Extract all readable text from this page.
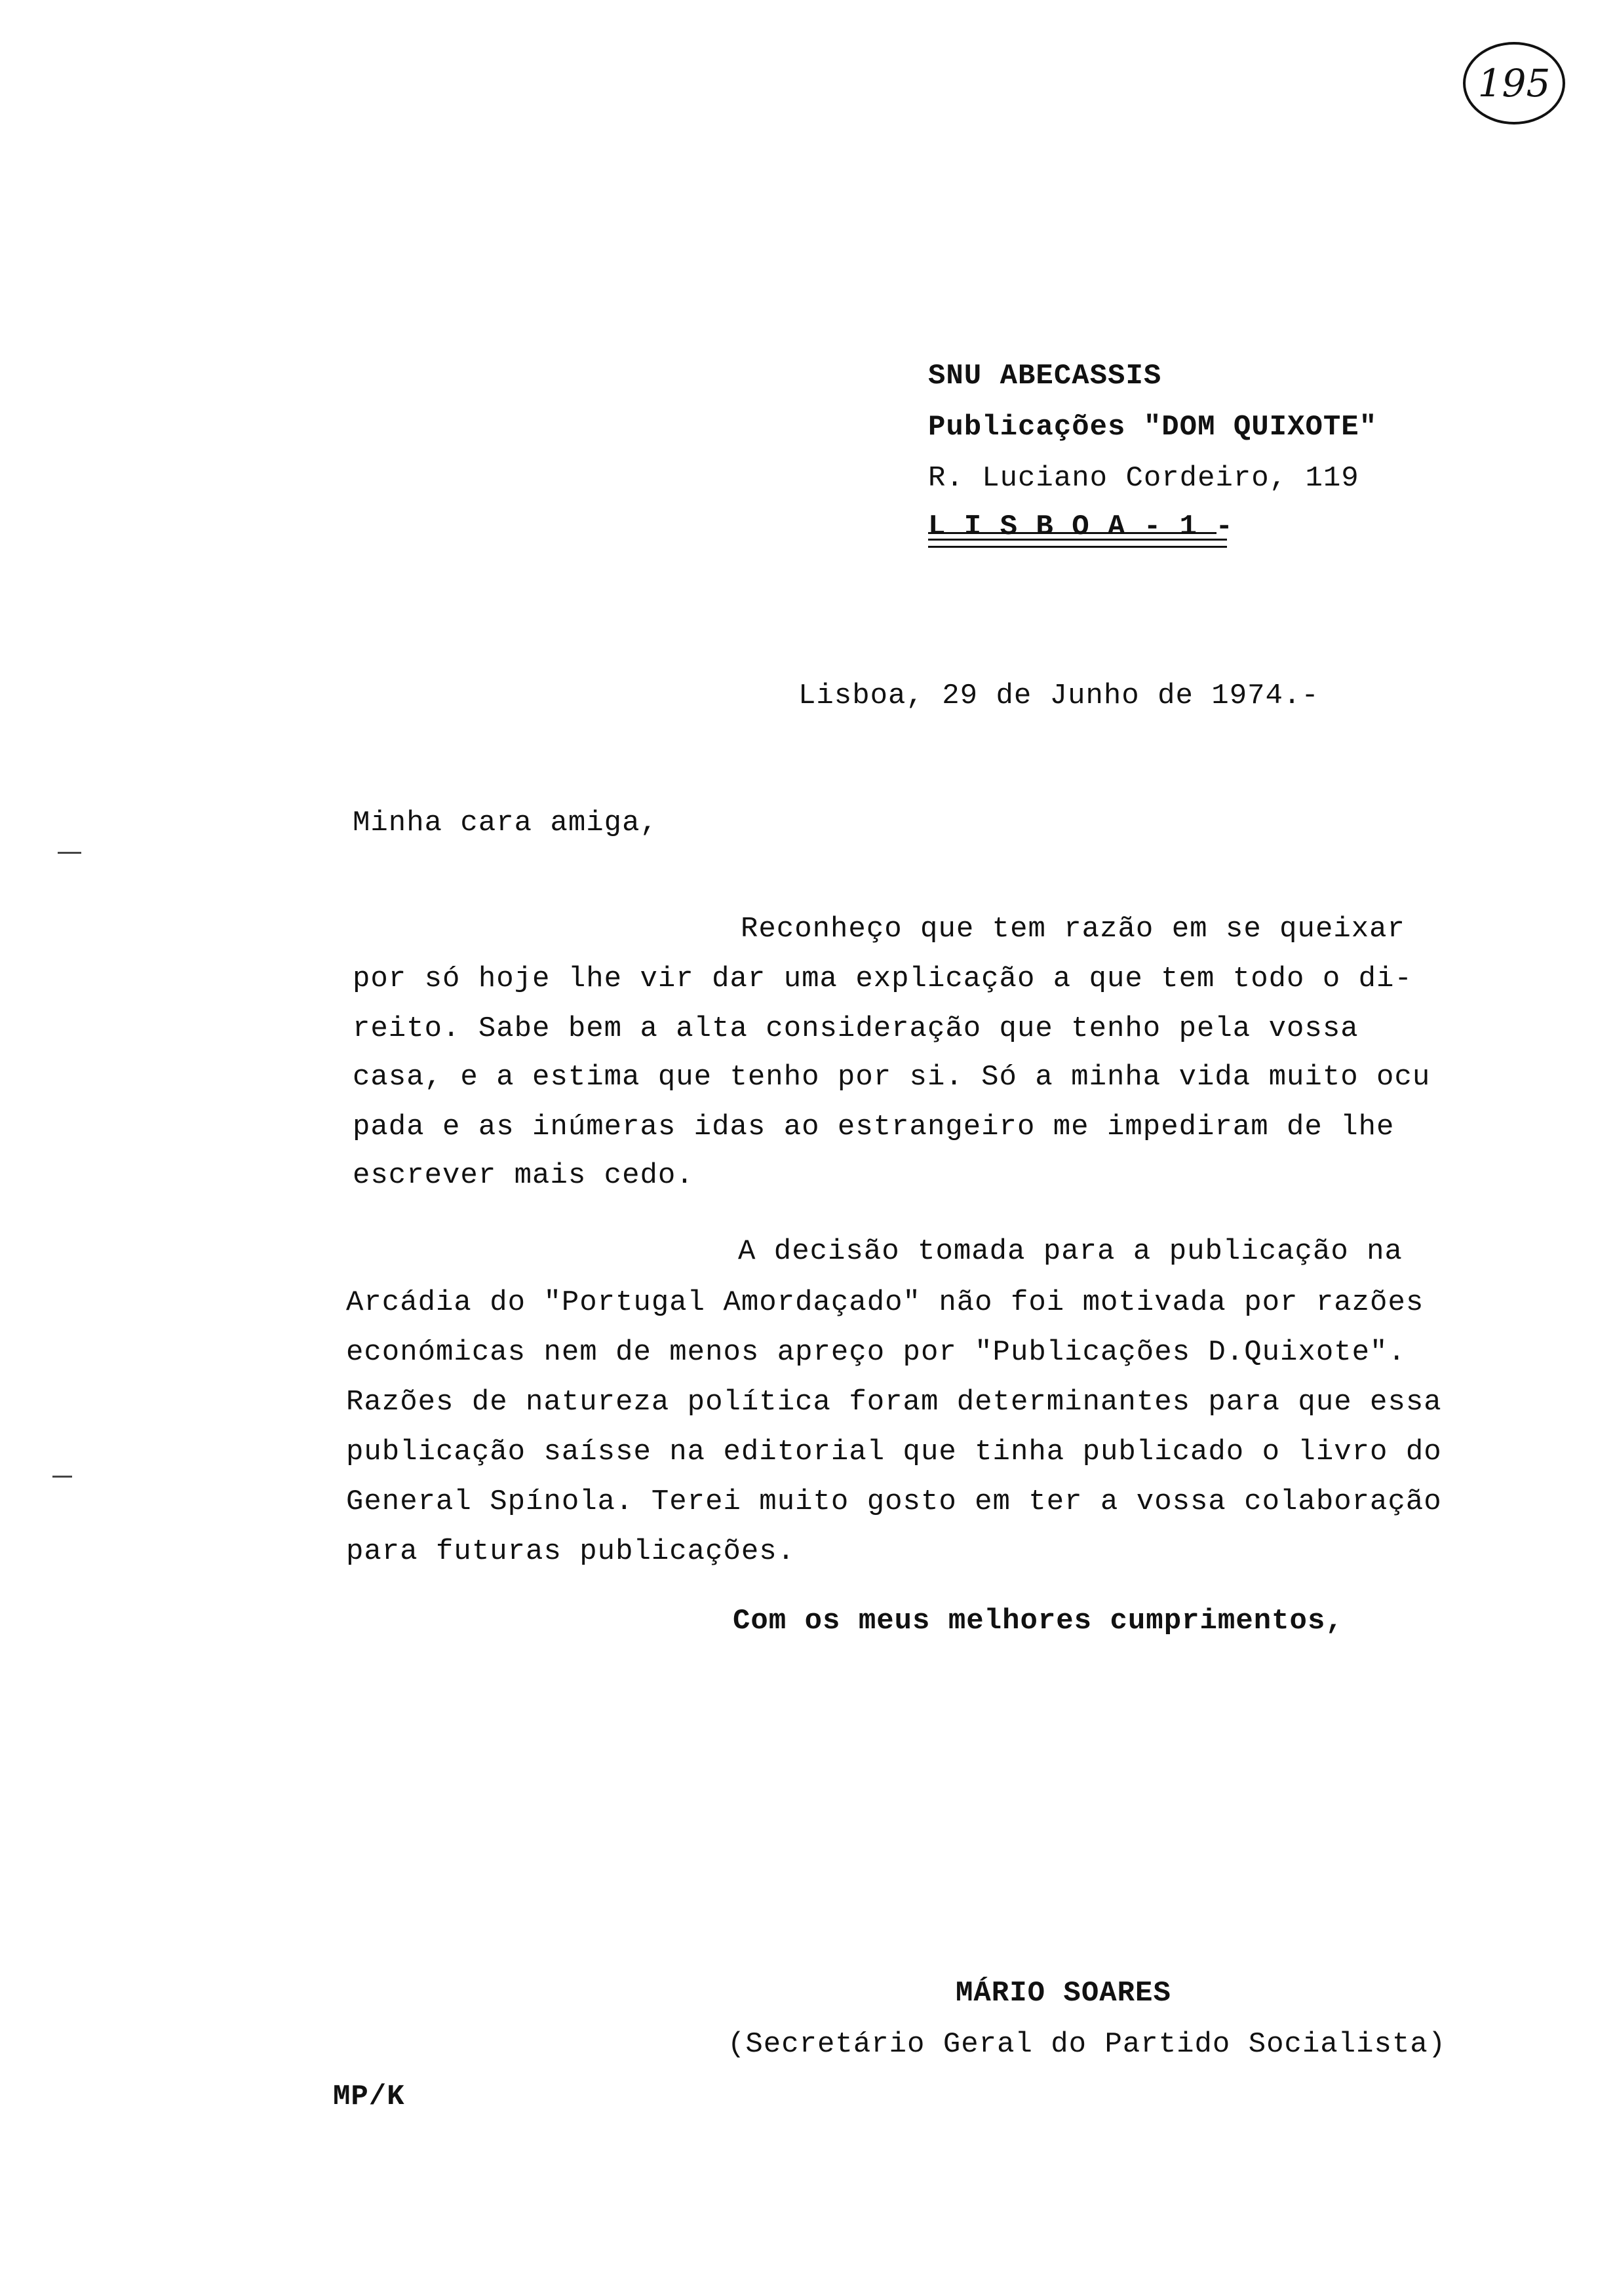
195
SNU ABECASSIS
Publicações "DOM QUIXOTE"
R. Luciano Cordeiro, 119
L I S B O A - 1 -
Lisboa, 29 de Junho de 1974.-
Minha cara amiga,
Reconheço que tem razão em se queixar
por só hoje lhe vir dar uma explicação a que tem todo o di-
reito. Sabe bem a alta consideração que tenho pela vossa
casa, e a estima que tenho por si. Só a minha vida muito ocu
pada e as inúmeras idas ao estrangeiro me impediram de lhe
escrever mais cedo.
A decisão tomada para a publicação na
Arcádia do "Portugal Amordaçado" não foi motivada por razões
económicas nem de menos apreço por "Publicações D.Quixote".
Razões de natureza política foram determinantes para que essa
publicação saísse na editorial que tinha publicado o livro do
General Spínola. Terei muito gosto em ter a vossa colaboração
para futuras publicações.
Com os meus melhores cumprimentos,
MÁRIO SOARES
(Secretário Geral do Partido Socialista)
MP/K
